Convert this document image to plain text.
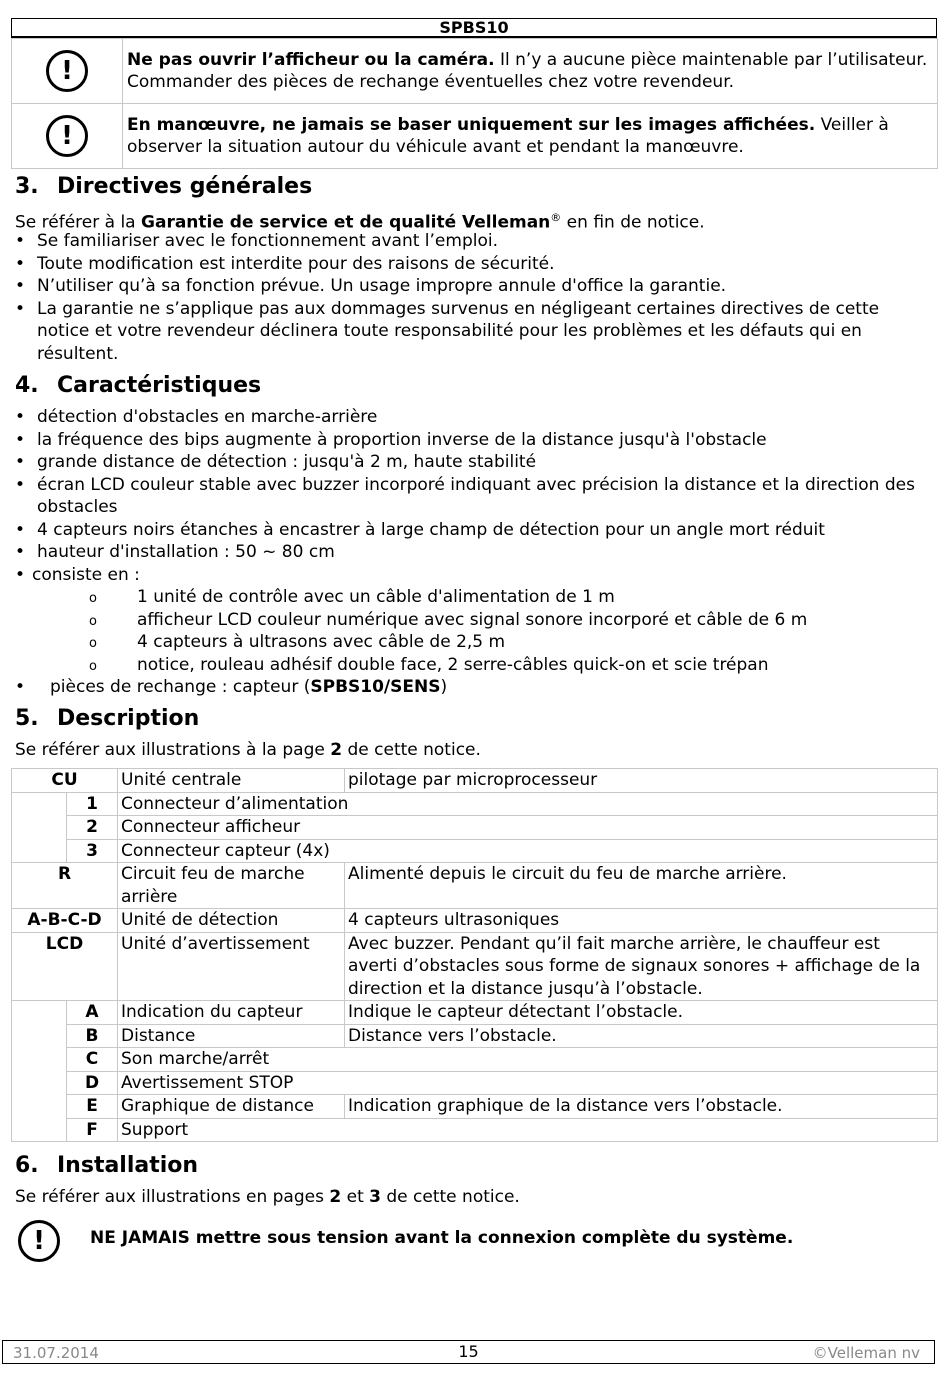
SPBS10
!	Ne pas ouvrir l’afficheur ou la caméra. Il n’y a aucune pièce maintenable par l’utilisateur. Commander des pièces de rechange éventuelles chez votre revendeur.
!	En manœuvre, ne jamais se baser uniquement sur les images affichées. Veiller à observer la situation autour du véhicule avant et pendant la manœuvre.
3. Directives générales
Se référer à la Garantie de service et de qualité Velleman® en fin de notice.
• Se familiariser avec le fonctionnement avant l’emploi.
• Toute modification est interdite pour des raisons de sécurité.
• N’utiliser qu’à sa fonction prévue. Un usage impropre annule d'office la garantie.
• La garantie ne s’applique pas aux dommages survenus en négligeant certaines directives de cette notice et votre revendeur déclinera toute responsabilité pour les problèmes et les défauts qui en résultent.
4. Caractéristiques
• détection d'obstacles en marche-arrière
• la fréquence des bips augmente à proportion inverse de la distance jusqu'à l'obstacle
• grande distance de détection : jusqu'à 2 m, haute stabilité
• écran LCD couleur stable avec buzzer incorporé indiquant avec précision la distance et la direction des obstacles
• 4 capteurs noirs étanches à encastrer à large champ de détection pour un angle mort réduit
• hauteur d'installation : 50 ~ 80 cm
• consiste en :
o 1 unité de contrôle avec un câble d'alimentation de 1 m
o afficheur LCD couleur numérique avec signal sonore incorporé et câble de 6 m
o 4 capteurs à ultrasons avec câble de 2,5 m
o notice, rouleau adhésif double face, 2 serre-câbles quick-on et scie trépan
• pièces de rechange : capteur (SPBS10/SENS)
5. Description
Se référer aux illustrations à la page 2 de cette notice.
CU		Unité centrale	pilotage par microprocesseur
	1	Connecteur d’alimentation	
	2	Connecteur afficheur	
	3	Connecteur capteur (4x)	
R		Circuit feu de marche arrière	Alimenté depuis le circuit du feu de marche arrière.
A-B-C-D		Unité de détection	4 capteurs ultrasoniques
LCD		Unité d’avertissement	Avec buzzer. Pendant qu’il fait marche arrière, le chauffeur est averti d’obstacles sous forme de signaux sonores + affichage de la direction et la distance jusqu’à l’obstacle.
	A	Indication du capteur	Indique le capteur détectant l’obstacle.
	B	Distance	Distance vers l’obstacle.
	C	Son marche/arrêt	
	D	Avertissement STOP	
	E	Graphique de distance	Indication graphique de la distance vers l’obstacle.
	F	Support	
6. Installation
Se référer aux illustrations en pages 2 et 3 de cette notice.
!	NE JAMAIS mettre sous tension avant la connexion complète du système.
31.07.2014	15	©Velleman nv
